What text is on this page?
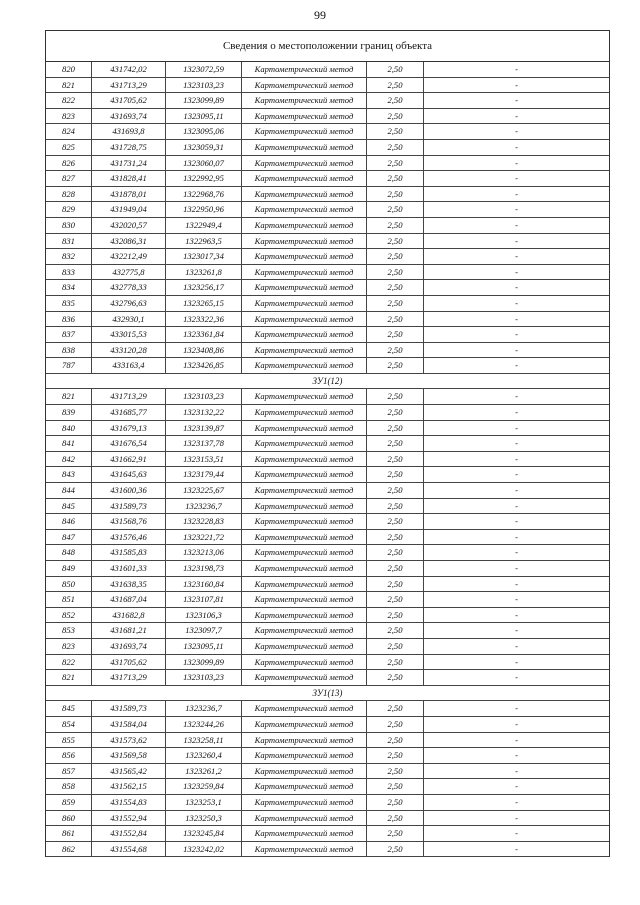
99
Сведения о местоположении границ объекта
820	431742,02	1323072,59	Картометрический метод	2,50	-
821	431713,29	1323103,23	Картометрический метод	2,50	-
822	431705,62	1323099,89	Картометрический метод	2,50	-
823	431693,74	1323095,11	Картометрический метод	2,50	-
824	431693,8	1323095,06	Картометрический метод	2,50	-
825	431728,75	1323059,31	Картометрический метод	2,50	-
826	431731,24	1323060,07	Картометрический метод	2,50	-
827	431828,41	1322992,95	Картометрический метод	2,50	-
828	431878,01	1322968,76	Картометрический метод	2,50	-
829	431949,04	1322950,96	Картометрический метод	2,50	-
830	432020,57	1322949,4	Картометрический метод	2,50	-
831	432086,31	1322963,5	Картометрический метод	2,50	-
832	432212,49	1323017,34	Картометрический метод	2,50	-
833	432775,8	1323261,8	Картометрический метод	2,50	-
834	432778,33	1323256,17	Картометрический метод	2,50	-
835	432796,63	1323265,15	Картометрический метод	2,50	-
836	432930,1	1323322,36	Картометрический метод	2,50	-
837	433015,53	1323361,84	Картометрический метод	2,50	-
838	433120,28	1323408,86	Картометрический метод	2,50	-
787	433163,4	1323426,85	Картометрический метод	2,50	-
ЗУ1(12)
821	431713,29	1323103,23	Картометрический метод	2,50	-
839	431685,77	1323132,22	Картометрический метод	2,50	-
840	431679,13	1323139,87	Картометрический метод	2,50	-
841	431676,54	1323137,78	Картометрический метод	2,50	-
842	431662,91	1323153,51	Картометрический метод	2,50	-
843	431645,63	1323179,44	Картометрический метод	2,50	-
844	431600,36	1323225,67	Картометрический метод	2,50	-
845	431589,73	1323236,7	Картометрический метод	2,50	-
846	431568,76	1323228,83	Картометрический метод	2,50	-
847	431576,46	1323221,72	Картометрический метод	2,50	-
848	431585,83	1323213,06	Картометрический метод	2,50	-
849	431601,33	1323198,73	Картометрический метод	2,50	-
850	431638,35	1323160,84	Картометрический метод	2,50	-
851	431687,04	1323107,81	Картометрический метод	2,50	-
852	431682,8	1323106,3	Картометрический метод	2,50	-
853	431681,21	1323097,7	Картометрический метод	2,50	-
823	431693,74	1323095,11	Картометрический метод	2,50	-
822	431705,62	1323099,89	Картометрический метод	2,50	-
821	431713,29	1323103,23	Картометрический метод	2,50	-
ЗУ1(13)
845	431589,73	1323236,7	Картометрический метод	2,50	-
854	431584,04	1323244,26	Картометрический метод	2,50	-
855	431573,62	1323258,11	Картометрический метод	2,50	-
856	431569,58	1323260,4	Картометрический метод	2,50	-
857	431565,42	1323261,2	Картометрический метод	2,50	-
858	431562,15	1323259,84	Картометрический метод	2,50	-
859	431554,83	1323253,1	Картометрический метод	2,50	-
860	431552,94	1323250,3	Картометрический метод	2,50	-
861	431552,84	1323245,84	Картометрический метод	2,50	-
862	431554,68	1323242,02	Картометрический метод	2,50	-
